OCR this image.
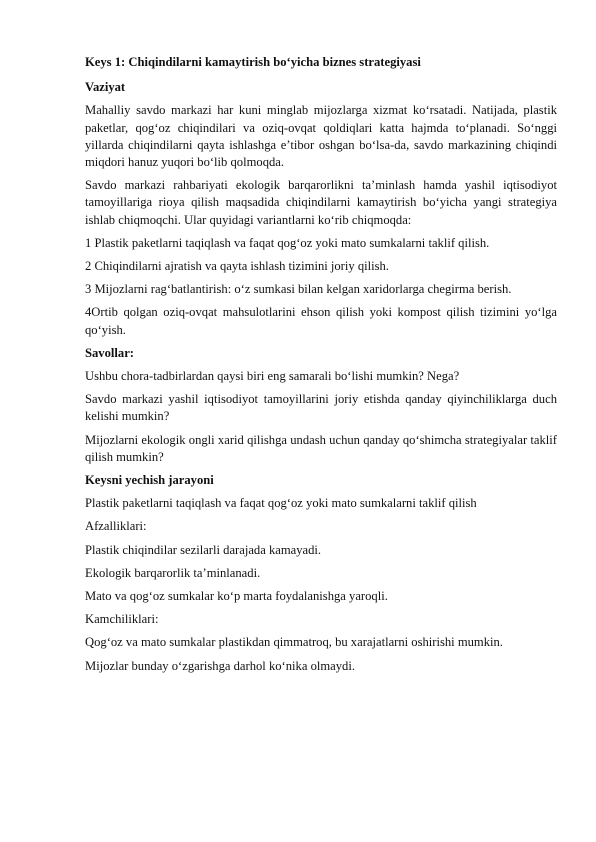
Keys 1: Chiqindilarni kamaytirish bo‘yicha biznes strategiyasi

Vaziyat

Mahalliy savdo markazi har kuni minglab mijozlarga xizmat ko‘rsatadi. Natijada, plastik paketlar, qog‘oz chiqindilari va oziq-ovqat qoldiqlari katta hajmda to‘planadi. So‘nggi yillarda chiqindilarni qayta ishlashga e’tibor oshgan bo‘lsa-da, savdo markazining chiqindi miqdori hanuz yuqori bo‘lib qolmoqda.

Savdo markazi rahbariyati ekologik barqarorlikni ta’minlash hamda yashil iqtisodiyot tamoyillariga rioya qilish maqsadida chiqindilarni kamaytirish bo‘yicha yangi strategiya ishlab chiqmoqchi. Ular quyidagi variantlarni ko‘rib chiqmoqda:

1 Plastik paketlarni taqiqlash va faqat qog‘oz yoki mato sumkalarni taklif qilish.

2 Chiqindilarni ajratish va qayta ishlash tizimini joriy qilish.

3 Mijozlarni rag‘batlantirish: o‘z sumkasi bilan kelgan xaridorlarga chegirma berish.

4Ortib qolgan oziq-ovqat mahsulotlarini ehson qilish yoki kompost qilish tizimini yo‘lga qo‘yish.

Savollar:

Ushbu chora-tadbirlardan qaysi biri eng samarali bo‘lishi mumkin? Nega?

Savdo markazi yashil iqtisodiyot tamoyillarini joriy etishda qanday qiyinchiliklarga duch kelishi mumkin?

Mijozlarni ekologik ongli xarid qilishga undash uchun qanday qo‘shimcha strategiyalar taklif qilish mumkin?

Keysni yechish jarayoni

Plastik paketlarni taqiqlash va faqat qog‘oz yoki mato sumkalarni taklif qilish

Afzalliklari:

Plastik chiqindilar sezilarli darajada kamayadi.

Ekologik barqarorlik ta’minlanadi.

Mato va qog‘oz sumkalar ko‘p marta foydalanishga yaroqli.

Kamchiliklari:

Qog‘oz va mato sumkalar plastikdan qimmatroq, bu xarajatlarni oshirishi mumkin.

Mijozlar bunday o‘zgarishga darhol ko‘nika olmaydi.
